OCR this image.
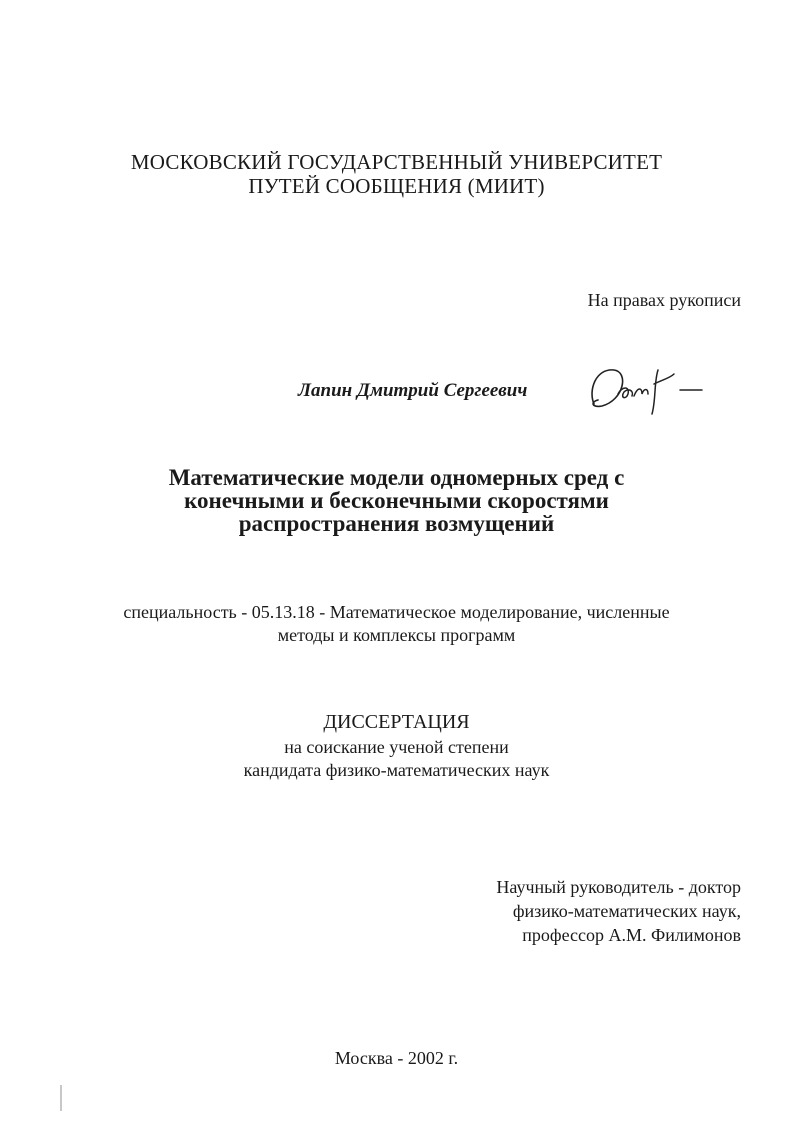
МОСКОВСКИЙ ГОСУДАРСТВЕННЫЙ УНИВЕРСИТЕТ
ПУТЕЙ СООБЩЕНИЯ (МИИТ)
На правах рукописи
Лапин Дмитрий Сергеевич
Математические модели одномерных сред с
конечными и бесконечными скоростями
распространения возмущений
специальность - 05.13.18 - Математическое моделирование, численные
методы и комплексы программ
ДИССЕРТАЦИЯ
на соискание ученой степени
кандидата физико-математических наук
Научный руководитель - доктор
физико-математических наук,
профессор А.М. Филимонов
Москва - 2002 г.
